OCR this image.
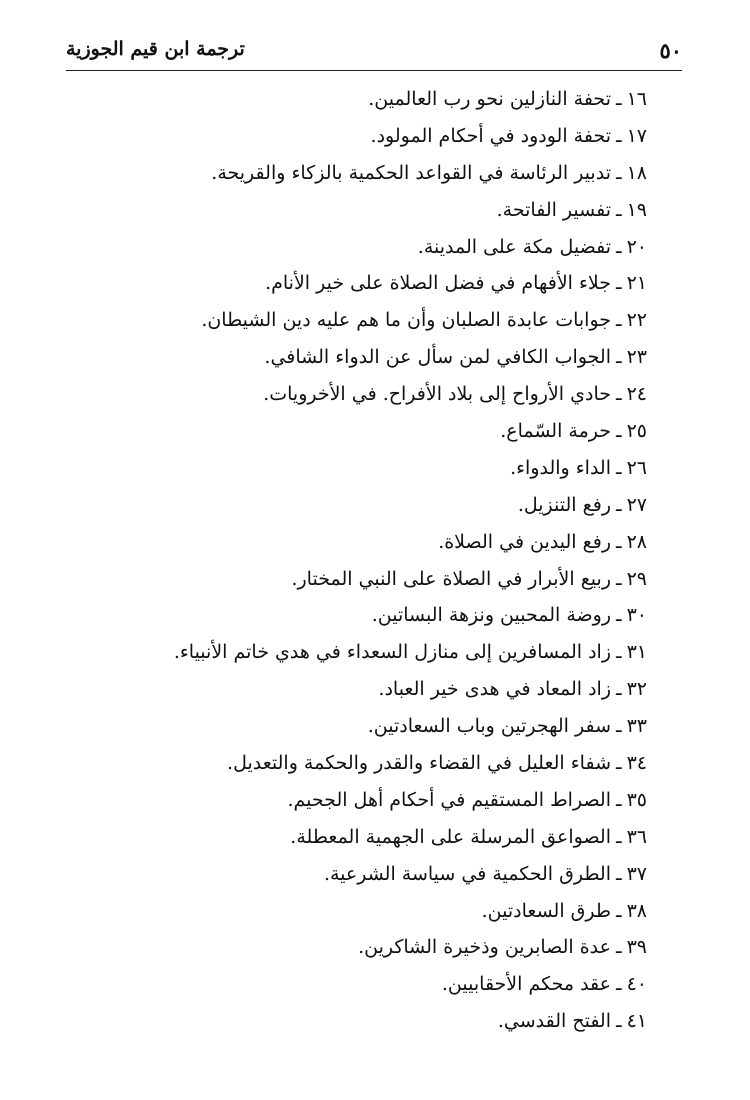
٥٠
ترجمة ابن قيم الجوزية
١٦ـتحفة النازلين نحو رب العالمين.
١٧ـتحفة الودود في أحكام المولود.
١٨ـتدبير الرئاسة في القواعد الحكمية بالزكاء والقريحة.
١٩ـتفسير الفاتحة.
٢٠ـتفضيل مكة على المدينة.
٢١ـجلاء الأفهام في فضل الصلاة على خير الأنام.
٢٢ـجوابات عابدة الصلبان وأن ما هم عليه دين الشيطان.
٢٣ـالجواب الكافي لمن سأل عن الدواء الشافي.
٢٤ـحادي الأرواح إلى بلاد الأفراح. في الأخرويات.
٢٥ـحرمة السّماع.
٢٦ـالداء والدواء.
٢٧ـرفع التنزيل.
٢٨ـرفع اليدين في الصلاة.
٢٩ـربيع الأبرار في الصلاة على النبي المختار.
٣٠ـروضة المحبين ونزهة البساتين.
٣١ـزاد المسافرين إلى منازل السعداء في هدي خاتم الأنبياء.
٣٢ـزاد المعاد في هدى خير العباد.
٣٣ـسفر الهجرتين وباب السعادتين.
٣٤ـشفاء العليل في القضاء والقدر والحكمة والتعديل.
٣٥ـالصراط المستقيم في أحكام أهل الجحيم.
٣٦ـالصواعق المرسلة على الجهمية المعطلة.
٣٧ـالطرق الحكمية في سياسة الشرعية.
٣٨ـطرق السعادتين.
٣٩ـعدة الصابرين وذخيرة الشاكرين.
٤٠ـعقد محكم الأحقابيين.
٤١ـالفتح القدسي.
